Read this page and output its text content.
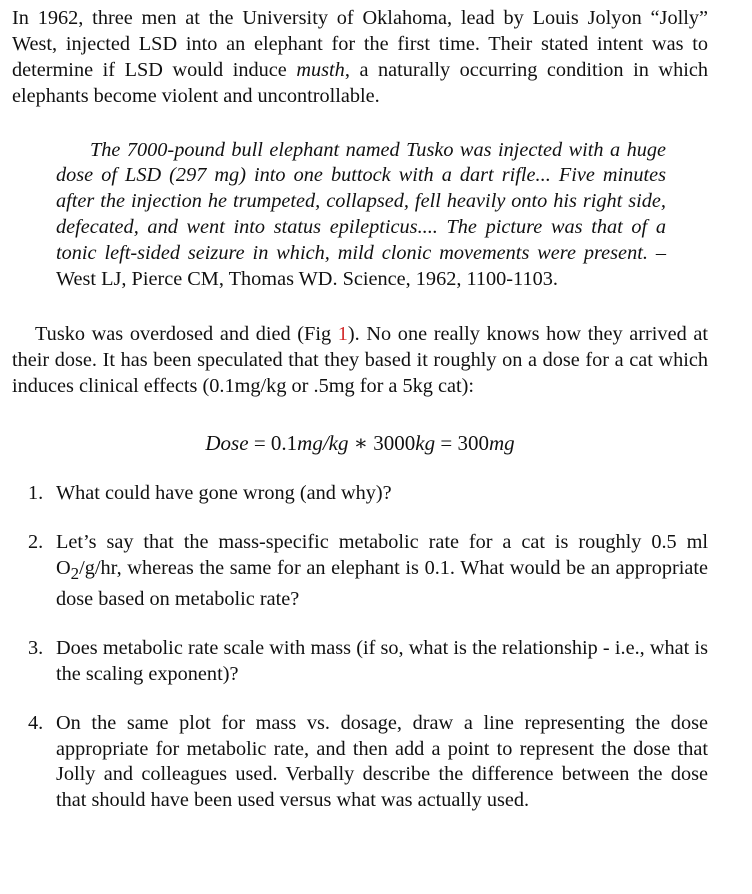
In 1962, three men at the University of Oklahoma, lead by Louis Jolyon “Jolly” West, injected LSD into an elephant for the first time. Their stated intent was to determine if LSD would induce musth, a naturally occurring condition in which elephants become violent and uncontrollable.

The 7000-pound bull elephant named Tusko was injected with a huge dose of LSD (297 mg) into one buttock with a dart rifle... Five minutes after the injection he trumpeted, collapsed, fell heavily onto his right side, defecated, and went into status epilepticus.... The picture was that of a tonic left-sided seizure in which, mild clonic movements were present. – West LJ, Pierce CM, Thomas WD. Science, 1962, 1100-1103.

Tusko was overdosed and died (Fig 1). No one really knows how they arrived at their dose. It has been speculated that they based it roughly on a dose for a cat which induces clinical effects (0.1mg/kg or .5mg for a 5kg cat):

Dose = 0.1mg/kg ∗ 3000kg = 300mg
1. What could have gone wrong (and why)?
2. Let’s say that the mass-specific metabolic rate for a cat is roughly 0.5 ml $O_2/g/hr$, whereas the same for an elephant is 0.1. What would be an appropriate dose based on metabolic rate?
3. Does metabolic rate scale with mass (if so, what is the relationship - i.e., what is the scaling exponent)?
4. On the same plot for mass vs. dosage, draw a line representing the dose appropriate for metabolic rate, and then add a point to represent the dose that Jolly and colleagues used. Verbally describe the difference between the dose that should have been used versus what was actually used.
